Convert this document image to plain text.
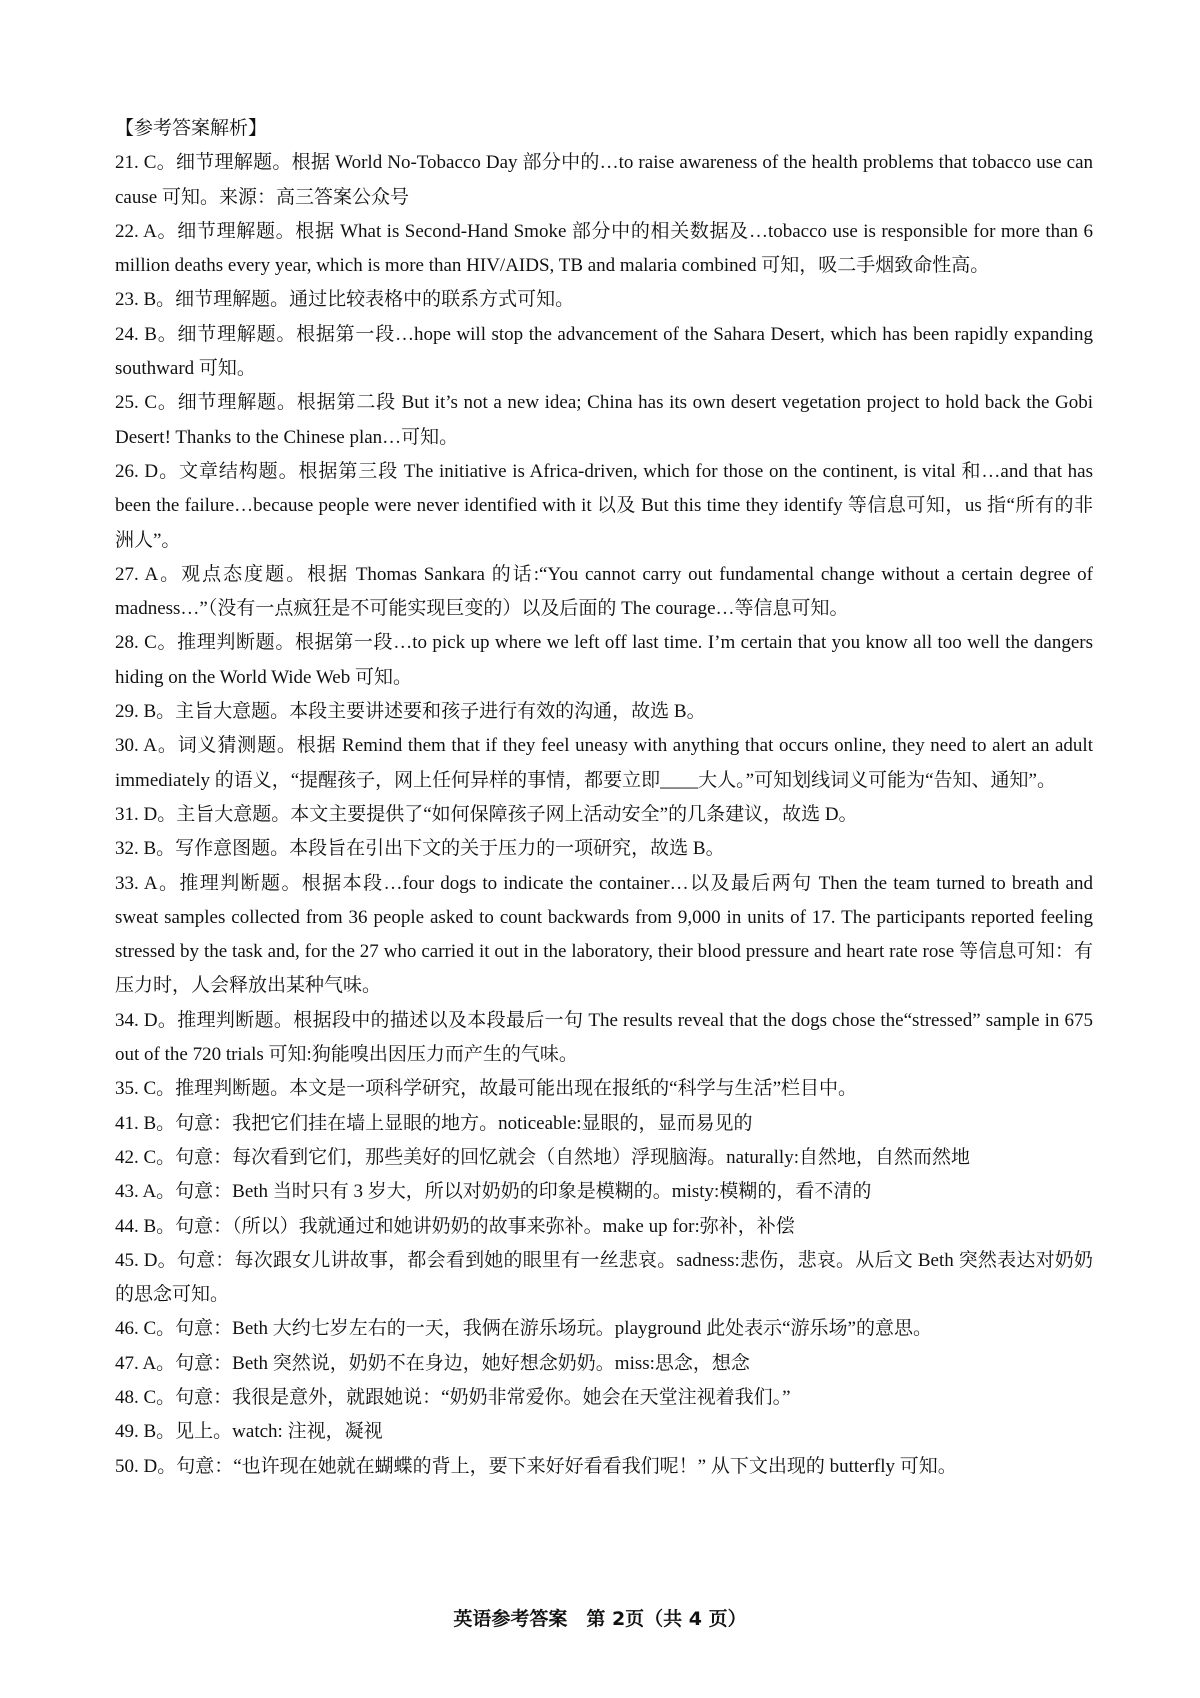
【参考答案解析】

21. C。细节理解题。根据 World No-Tobacco Day 部分中的…to raise awareness of the health problems that tobacco use can cause 可知。来源：高三答案公众号

22. A。细节理解题。根据 What is Second-Hand Smoke 部分中的相关数据及…tobacco use is responsible for more than 6 million deaths every year, which is more than HIV/AIDS, TB and malaria combined 可知，吸二手烟致命性高。

23. B。细节理解题。通过比较表格中的联系方式可知。

24. B。细节理解题。根据第一段…hope will stop the advancement of the Sahara Desert, which has been rapidly expanding southward 可知。

25. C。细节理解题。根据第二段 But it’s not a new idea; China has its own desert vegetation project to hold back the Gobi Desert! Thanks to the Chinese plan…可知。

26. D。文章结构题。根据第三段 The initiative is Africa-driven, which for those on the continent, is vital 和…and that has been the failure…because people were never identified with it 以及 But this time they identify 等信息可知，us 指“所有的非洲人”。

27. A。观点态度题。根据 Thomas Sankara 的话:“You cannot carry out fundamental change without a certain degree of madness…”（没有一点疯狂是不可能实现巨变的）以及后面的 The courage…等信息可知。

28. C。推理判断题。根据第一段…to pick up where we left off last time. I’m certain that you know all too well the dangers hiding on the World Wide Web 可知。

29. B。主旨大意题。本段主要讲述要和孩子进行有效的沟通，故选 B。

30. A。词义猜测题。根据 Remind them that if they feel uneasy with anything that occurs online, they need to alert an adult immediately 的语义，“提醒孩子，网上任何异样的事情，都要立即____大人。”可知划线词义可能为“告知、通知”。

31. D。主旨大意题。本文主要提供了“如何保障孩子网上活动安全”的几条建议，故选 D。

32. B。写作意图题。本段旨在引出下文的关于压力的一项研究，故选 B。

33. A。推理判断题。根据本段…four dogs to indicate the container…以及最后两句 Then the team turned to breath and sweat samples collected from 36 people asked to count backwards from 9,000 in units of 17. The participants reported feeling stressed by the task and, for the 27 who carried it out in the laboratory, their blood pressure and heart rate rose 等信息可知：有压力时，人会释放出某种气味。

34. D。推理判断题。根据段中的描述以及本段最后一句 The results reveal that the dogs chose the“stressed” sample in 675 out of the 720 trials 可知:狗能嗅出因压力而产生的气味。

35. C。推理判断题。本文是一项科学研究，故最可能出现在报纸的“科学与生活”栏目中。

41. B。句意：我把它们挂在墙上显眼的地方。noticeable:显眼的，显而易见的

42. C。句意：每次看到它们，那些美好的回忆就会（自然地）浮现脑海。naturally:自然地，自然而然地

43. A。句意：Beth 当时只有 3 岁大，所以对奶奶的印象是模糊的。misty:模糊的，看不清的

44. B。句意：（所以）我就通过和她讲奶奶的故事来弥补。make up for:弥补，补偿

45. D。句意：每次跟女儿讲故事，都会看到她的眼里有一丝悲哀。sadness:悲伤，悲哀。从后文 Beth 突然表达对奶奶的思念可知。

46. C。句意：Beth 大约七岁左右的一天，我俩在游乐场玩。playground 此处表示“游乐场”的意思。

47. A。句意：Beth 突然说，奶奶不在身边，她好想念奶奶。miss:思念，想念

48. C。句意：我很是意外，就跟她说：“奶奶非常爱你。她会在天堂注视着我们。”

49. B。见上。watch: 注视，凝视

50. D。句意：“也许现在她就在蝴蝶的背上，要下来好好看看我们呢！” 从下文出现的 butterfly 可知。

英语参考答案　第 2页（共 4 页）
